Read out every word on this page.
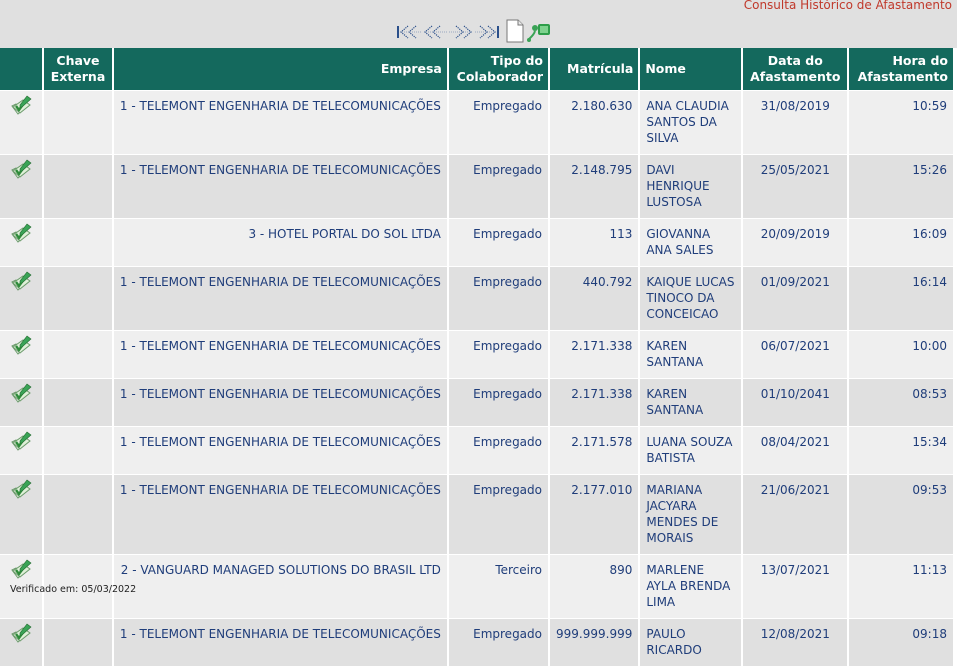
Consulta Histórico de Afastamento
	Chave Externa	Empresa	Tipo do Colaborador	Matrícula	Nome	Data do Afastamento	Hora do Afastamento
		1 - TELEMONT ENGENHARIA DE TELECOMUNICAÇÕES	Empregado	2.180.630	ANA CLAUDIA SANTOS DA SILVA	31/08/2019	10:59
		1 - TELEMONT ENGENHARIA DE TELECOMUNICAÇÕES	Empregado	2.148.795	DAVI HENRIQUE LUSTOSA	25/05/2021	15:26
		3 - HOTEL PORTAL DO SOL LTDA	Empregado	113	GIOVANNA ANA SALES	20/09/2019	16:09
		1 - TELEMONT ENGENHARIA DE TELECOMUNICAÇÕES	Empregado	440.792	KAIQUE LUCAS TINOCO DA CONCEICAO	01/09/2021	16:14
		1 - TELEMONT ENGENHARIA DE TELECOMUNICAÇÕES	Empregado	2.171.338	KAREN SANTANA	06/07/2021	10:00
		1 - TELEMONT ENGENHARIA DE TELECOMUNICAÇÕES	Empregado	2.171.338	KAREN SANTANA	01/10/2041	08:53
		1 - TELEMONT ENGENHARIA DE TELECOMUNICAÇÕES	Empregado	2.171.578	LUANA SOUZA BATISTA	08/04/2021	15:34
		1 - TELEMONT ENGENHARIA DE TELECOMUNICAÇÕES	Empregado	2.177.010	MARIANA JACYARA MENDES DE MORAIS	21/06/2021	09:53
		2 - VANGUARD MANAGED SOLUTIONS DO BRASIL LTD	Terceiro	890	MARLENE AYLA BRENDA LIMA	13/07/2021	11:13
		1 - TELEMONT ENGENHARIA DE TELECOMUNICAÇÕES	Empregado	999.999.999	PAULO RICARDO	12/08/2021	09:18
Verificado em: 05/03/2022
